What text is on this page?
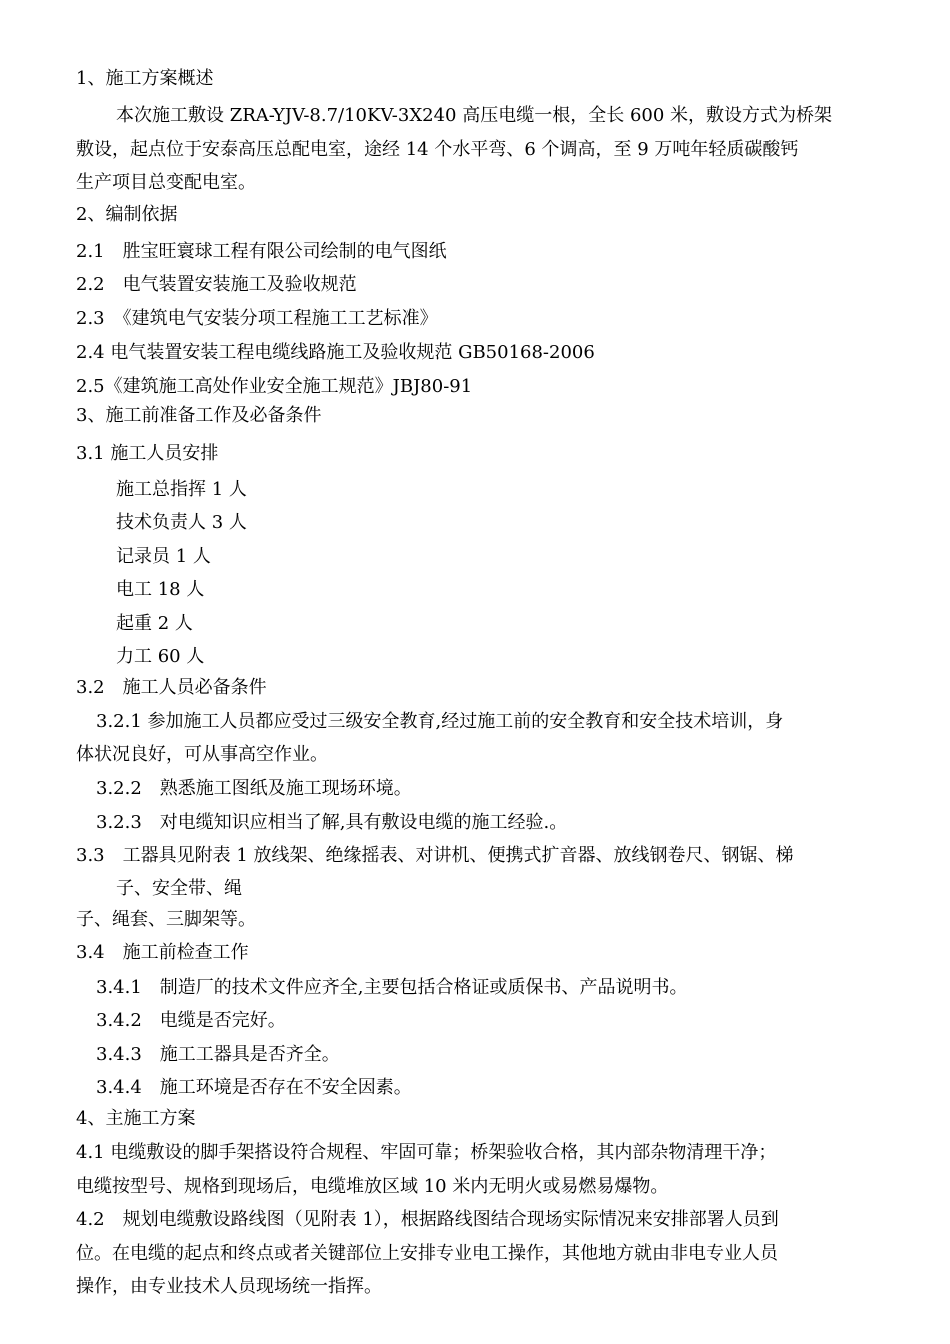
1、施工方案概述
本次施工敷设 ZRA-YJV-8.7/10KV-3X240 高压电缆一根，全长 600 米，敷设方式为桥架
敷设，起点位于安泰高压总配电室，途经 14 个水平弯、6 个调高，至 9 万吨年轻质碳酸钙
生产项目总变配电室。
2、编制依据
2.1　胜宝旺寰球工程有限公司绘制的电气图纸
2.2　电气装置安装施工及验收规范
2.3　《建筑电气安装分项工程施工工艺标准》
2.4 电气装置安装工程电缆线路施工及验收规范 GB50168-2006
2.5《建筑施工高处作业安全施工规范》JBJ80-91
3、施工前准备工作及必备条件
3.1 施工人员安排
施工总指挥 1 人
技术负责人 3 人
记录员 1 人
电工 18 人
起重 2 人
力工 60 人
3.2　施工人员必备条件
3.2.1 参加施工人员都应受过三级安全教育,经过施工前的安全教育和安全技术培训，身
体状况良好，可从事高空作业。
3.2.2　熟悉施工图纸及施工现场环境。
3.2.3　对电缆知识应相当了解,具有敷设电缆的施工经验.。
3.3　工器具见附表 1 放线架、绝缘摇表、对讲机、便携式扩音器、放线钢卷尺、钢锯、梯
子、安全带、绳
子、绳套、三脚架等。
3.4　施工前检查工作
3.4.1　制造厂的技术文件应齐全,主要包括合格证或质保书、产品说明书。
3.4.2　电缆是否完好。
3.4.3　施工工器具是否齐全。
3.4.4　施工环境是否存在不安全因素。
4、主施工方案
4.1 电缆敷设的脚手架搭设符合规程、牢固可靠；桥架验收合格，其内部杂物清理干净；
电缆按型号、规格到现场后，电缆堆放区域 10 米内无明火或易燃易爆物。
4.2　规划电缆敷设路线图（见附表 1），根据路线图结合现场实际情况来安排部署人员到
位。在电缆的起点和终点或者关键部位上安排专业电工操作，其他地方就由非电专业人员
操作，由专业技术人员现场统一指挥。
